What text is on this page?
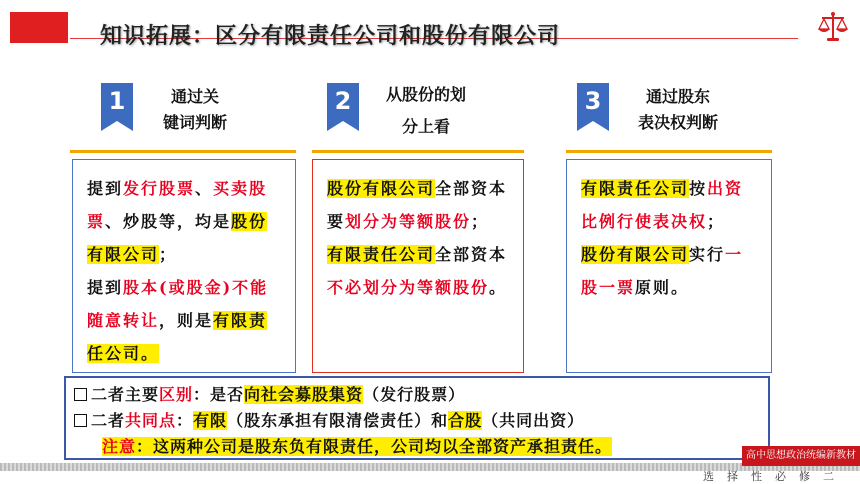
知识拓展：区分有限责任公司和股份有限公司
1	通过关
键词判断
2	从股份的划
分上看
3	通过股东
表决权判断
提到发行股票、买卖股票、炒股等，均是股份有限公司；
提到股本(或股金)不能随意转让，则是有限责任公司。
股份有限公司全部资本要划分为等额股份；
有限责任公司全部资本不必划分为等额股份。
有限责任公司按出资比例行使表决权；
股份有限公司实行一股一票原则。
二者主要区别：是否向社会募股集资（发行股票）
二者共同点：有限（股东承担有限清偿责任）和合股（共同出资）
注意：这两种公司是股东负有限责任，公司均以全部资产承担责任。	高中思想政治统编新教材
选择性必修二
